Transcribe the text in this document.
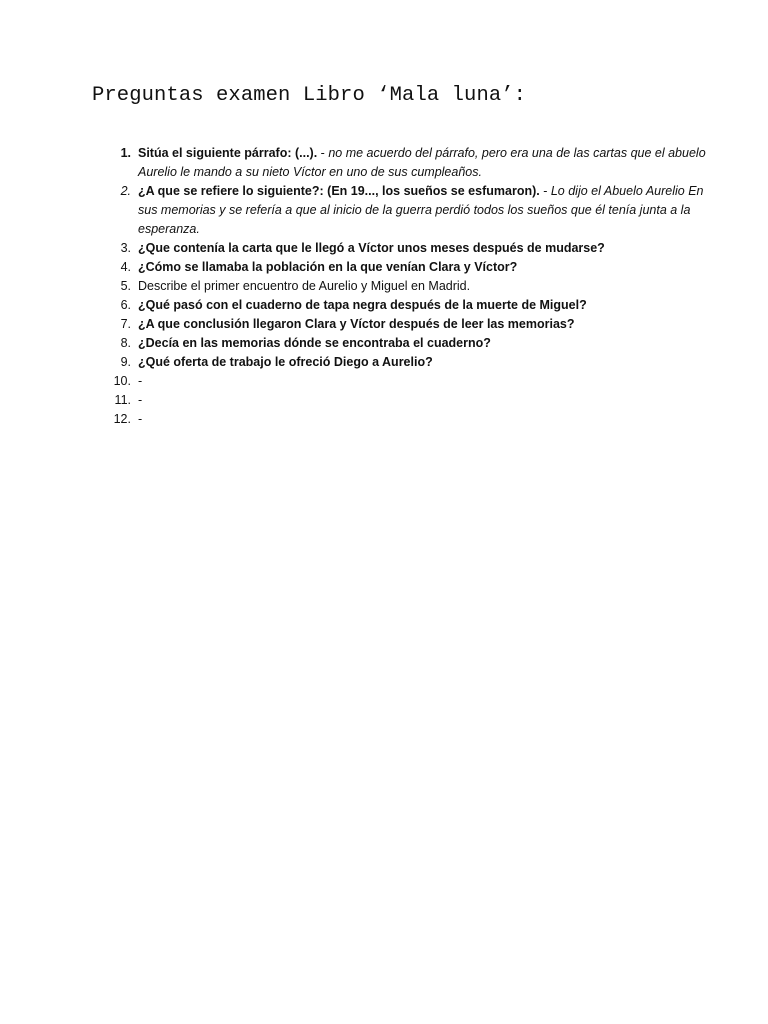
Preguntas examen Libro ‘Mala luna’:
1. Sitúa el siguiente párrafo: (...). - no me acuerdo del párrafo, pero era una de las cartas que el abuelo Aurelio le mando a su nieto Víctor en uno de sus cumpleaños.
2. ¿A que se refiere lo siguiente?: (En 19..., los sueños se esfumaron). - Lo dijo el Abuelo Aurelio En sus memorias y se refería a que al inicio de la guerra perdió todos los sueños que él tenía junta a la esperanza.
3. ¿Que contenía la carta que le llegó a Víctor unos meses después de mudarse?
4. ¿Cómo se llamaba la población en la que venían Clara y Víctor?
5. Describe el primer encuentro de Aurelio y Miguel en Madrid.
6. ¿Qué pasó con el cuaderno de tapa negra después de la muerte de Miguel?
7. ¿A que conclusión llegaron Clara y Víctor después de leer las memorias?
8. ¿Decía en las memorias dónde se encontraba el cuaderno?
9. ¿Qué oferta de trabajo le ofreció Diego a Aurelio?
10. -
11. -
12. -
